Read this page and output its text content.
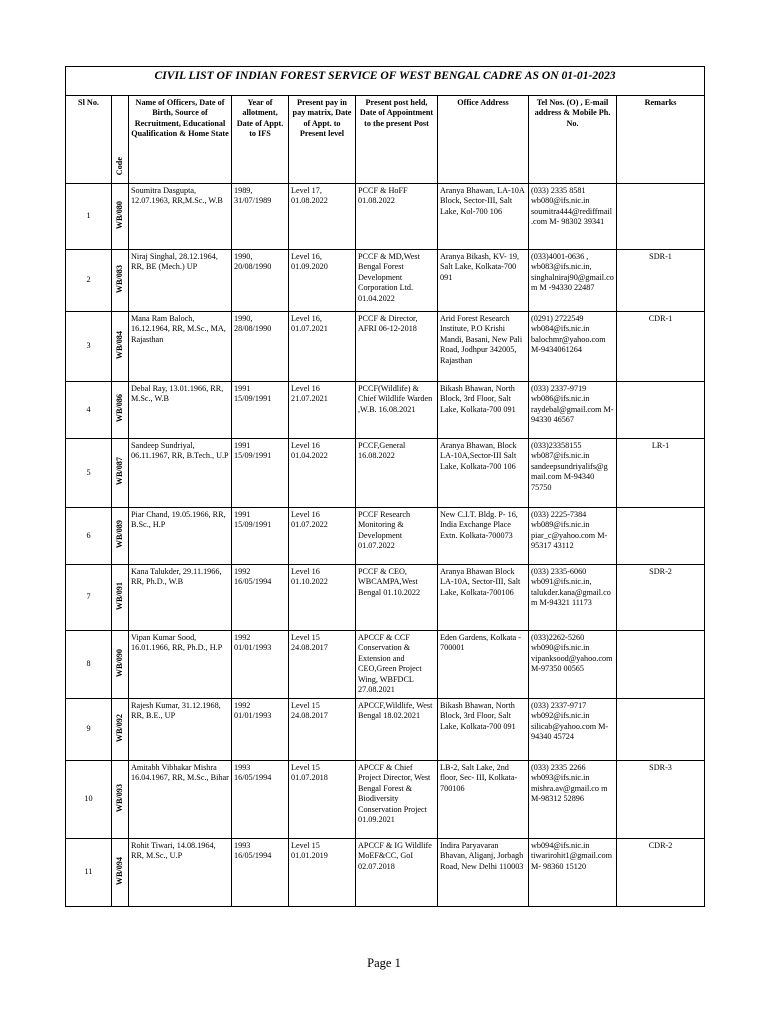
CIVIL LIST OF INDIAN FOREST SERVICE OF WEST BENGAL CADRE AS ON 01-01-2023								
Sl No.	Code	Name of Officers, Date of Birth, Source of Recruitment, Educational Qualification & Home State	Year of allotment, Date of Appt. to IFS	Present pay in pay matrix, Date of Appt. to Present level	Present post held, Date of Appointment to the present Post	Office Address	Tel Nos. (O) , E-mail address & Mobile Ph. No.	Remarks
1	WB/080	Soumitra Dasgupta, 12.07.1963, RR,M.Sc., W.B	1989, 31/07/1989	Level 17, 01.08.2022	PCCF & HoFF 01.08.2022	Aranya Bhawan, LA-10A Block, Sector-III, Salt Lake, Kol-700 106	(033) 2335 8581 wb080@ifs.nic.in soumitra444@rediffmail.com M- 98302 39341	
2	WB/083	Niraj Singhal, 28.12.1964, RR, BE (Mech.) UP	1990, 20/08/1990	Level 16, 01.09.2020	PCCF & MD,West Bengal Forest Development Corporation Ltd. 01.04.2022	Aranya Bikash, KV- 19, Salt Lake, Kolkata-700 091	(033)4001-0636 , wb083@ifs.nic.in, singhalniraj90@gmail.com M -94330 22487	SDR-1
3	WB/084	Mana Ram Baloch, 16.12.1964, RR, M.Sc., MA, Rajasthan	1990, 28/08/1990	Level 16, 01.07.2021	PCCF & Director, AFRI 06-12-2018	Arid Forest Research Institute, P.O Krishi Mandi, Basani, New Pali Road, Jodhpur 342005, Rajasthan	(0291) 2722549 wb084@ifs.nic.in balochmr@yahoo.com M-9434061264	CDR-1
4	WB/086	Debal Ray, 13.01.1966, RR, M.Sc., W.B	1991 15/09/1991	Level 16 21.07.2021	PCCF(Wildlife) & Chief Wildlife Warden ,W.B. 16.08.2021	Bikash Bhawan, North Block, 3rd Floor, Salt Lake, Kolkata-700 091	(033) 2337-9719 wb086@ifs.nic.in raydebal@gmail.com M- 94330 46567	
5	WB/087	Sandeep Sundriyal, 06.11.1967, RR, B.Tech., U.P	1991 15/09/1991	Level 16 01.04.2022	PCCF,General 16.08.2022	Aranya Bhawan, Block LA-10A,Sector-III Salt Lake, Kolkata-700 106	(033)23358155 wb087@ifs.nic.in sandeepsundriyalifs@gmail.com M-94340 75750	LR-1
6	WB/089	Piar Chand, 19.05.1966, RR, B.Sc., H.P	1991 15/09/1991	Level 16 01.07.2022	PCCF Research Monitoring & Development 01.07.2022	New C.I.T. Bldg. P- 16, India Exchange Place Extn. Kolkata-700073	(033) 2225-7384 wb089@ifs.nic.in piar_c@yahoo.com M-95317 43112	
7	WB/091	Kana Talukder, 29.11.1966, RR, Ph.D., W.B	1992 16/05/1994	Level 16 01.10.2022	PCCF & CEO, WBCAMPA,West Bengal 01.10.2022	Aranya Bhawan Block LA-10A, Sector-III, Salt Lake, Kolkata-700106	(033) 2335-6060 wb091@ifs.nic.in, talukder.kana@gmail.com M-94321 11173	SDR-2
8	WB/090	Vipan Kumar Sood, 16.01.1966, RR, Ph.D., H.P	1992 01/01/1993	Level 15 24.08.2017	APCCF & CCF Conservation & Extension and CEO,Green Project Wing, WBFDCL 27.08.2021	Eden Gardens, Kolkata - 700001	(033)2262-5260 wb090@ifs.nic.in vipanksood@yahoo.com M-97350 00565	
9	WB/092	Rajesh Kumar, 31.12.1968, RR, B.E., UP	1992 01/01/1993	Level 15 24.08.2017	APCCF,Wildlife, West Bengal 18.02.2021	Bikash Bhawan, North Block, 3rd Floor, Salt Lake, Kolkata-700 091	(033) 2337-9717 wb092@ifs.nic.in silicab@yahoo.com M-94340 45724	
10	WB/093	Amitabh Vibhakar Mishra 16.04.1967, RR, M.Sc., Bihar	1993 16/05/1994	Level 15 01.07.2018	APCCF & Chief Project Director, West Bengal Forest & Biodiversity Conservation Project 01.09.2021	LB-2, Salt Lake, 2nd floor, Sec- III, Kolkata-700106	(033) 2335 2266 wb093@ifs.nic.in mishra.av@gmail.co m M-98312 52896	SDR-3
11	WB/094	Rohit Tiwari, 14.08.1964, RR, M.Sc., U.P	1993 16/05/1994	Level 15 01.01.2019	APCCF & IG Wildlife MoEF&CC, GoI 02.07.2018	Indira Paryavaran Bhavan, Aliganj, Jorbagh Road, New Delhi 110003	wb094@ifs.nic.in tiwarirohit1@gmail.com M- 98360 15120	CDR-2
Page 1
